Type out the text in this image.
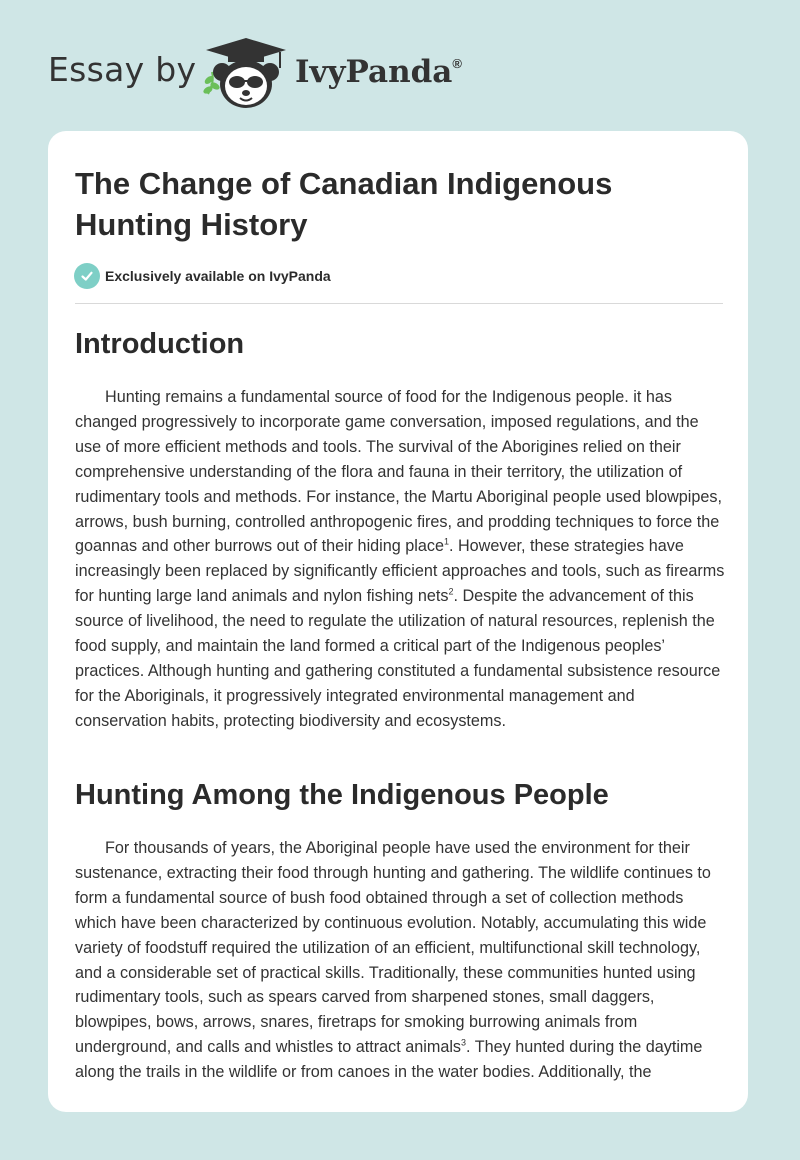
Essay by	IvyPanda®
The Change of Canadian Indigenous Hunting History
Exclusively available on IvyPanda
Introduction

Hunting remains a fundamental source of food for the Indigenous people. it has changed progressively to incorporate game conversation, imposed regulations, and the use of more efficient methods and tools. The survival of the Aborigines relied on their comprehensive understanding of the flora and fauna in their territory, the utilization of rudimentary tools and methods. For instance, the Martu Aboriginal people used blowpipes, arrows, bush burning, controlled anthropogenic fires, and prodding techniques to force the goannas and other burrows out of their hiding place$^1$. However, these strategies have increasingly been replaced by significantly efficient approaches and tools, such as firearms for hunting large land animals and nylon fishing nets$^2$. Despite the advancement of this source of livelihood, the need to regulate the utilization of natural resources, replenish the food supply, and maintain the land formed a critical part of the Indigenous peoples’ practices. Although hunting and gathering constituted a fundamental subsistence resource for the Aboriginals, it progressively integrated environmental management and conservation habits, protecting biodiversity and ecosystems.

Hunting Among the Indigenous People

For thousands of years, the Aboriginal people have used the environment for their sustenance, extracting their food through hunting and gathering. The wildlife continues to form a fundamental source of bush food obtained through a set of collection methods which have been characterized by continuous evolution. Notably, accumulating this wide variety of foodstuff required the utilization of an efficient, multifunctional skill technology, and a considerable set of practical skills. Traditionally, these communities hunted using rudimentary tools, such as spears carved from sharpened stones, small daggers, blowpipes, bows, arrows, snares, firetraps for smoking burrowing animals from underground, and calls and whistles to attract animals$^3$. They hunted during the daytime along the trails in the wildlife or from canoes in the water bodies. Additionally, the
